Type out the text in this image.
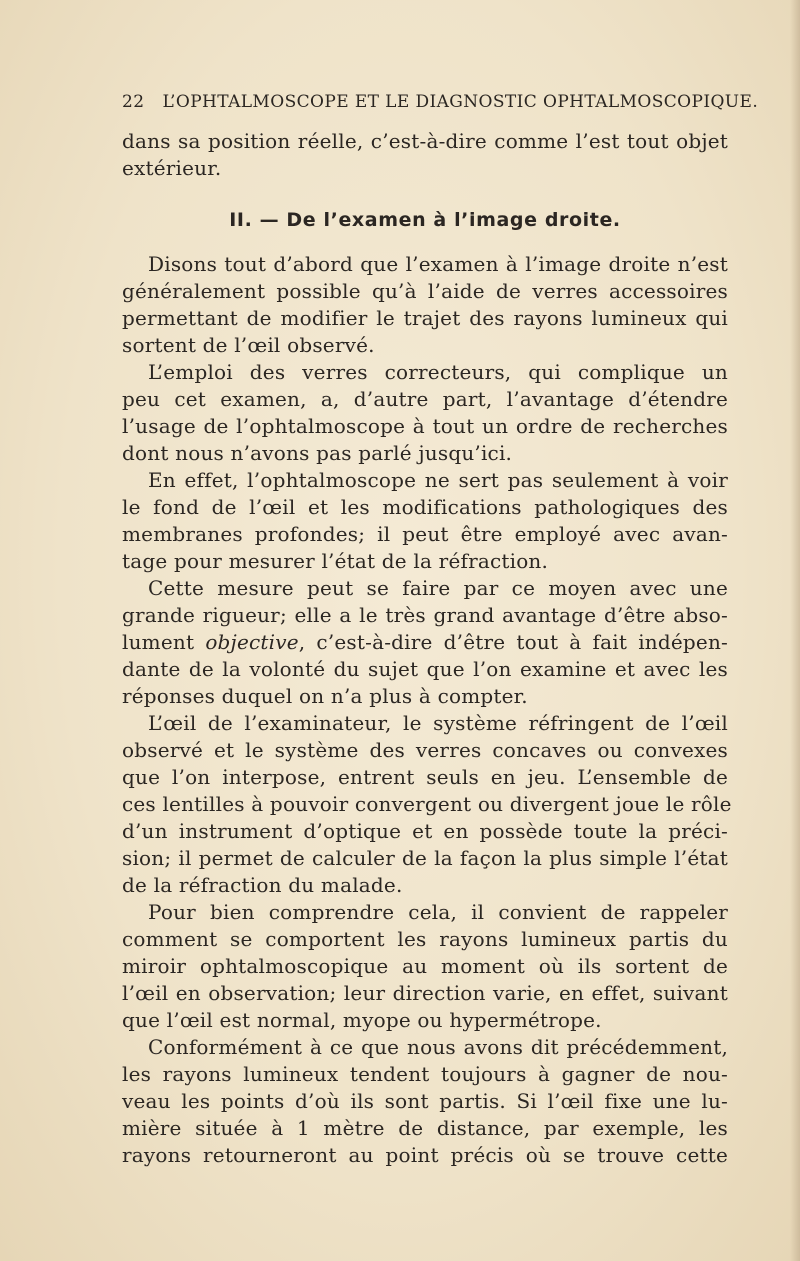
22 L’OPHTALMOSCOPE ET LE DIAGNOSTIC OPHTALMOSCOPIQUE.
dans sa position réelle, c’est-à-dire comme l’est tout objet
extérieur.
II. — De l’examen à l’image droite.
Disons tout d’abord que l’examen à l’image droite n’est
généralement possible qu’à l’aide de verres accessoires
permettant de modifier le trajet des rayons lumineux qui
sortent de l’œil observé.
L’emploi des verres correcteurs, qui complique un
peu cet examen, a, d’autre part, l’avantage d’étendre
l’usage de l’ophtalmoscope à tout un ordre de recherches
dont nous n’avons pas parlé jusqu’ici.
En effet, l’ophtalmoscope ne sert pas seulement à voir
le fond de l’œil et les modifications pathologiques des
membranes profondes; il peut être employé avec avan-
tage pour mesurer l’état de la réfraction.
Cette mesure peut se faire par ce moyen avec une
grande rigueur; elle a le très grand avantage d’être abso-
lument objective, c’est-à-dire d’être tout à fait indépen-
dante de la volonté du sujet que l’on examine et avec les
réponses duquel on n’a plus à compter.
L’œil de l’examinateur, le système réfringent de l’œil
observé et le système des verres concaves ou convexes
que l’on interpose, entrent seuls en jeu. L’ensemble de
ces lentilles à pouvoir convergent ou divergent joue le rôle
d’un instrument d’optique et en possède toute la préci-
sion; il permet de calculer de la façon la plus simple l’état
de la réfraction du malade.
Pour bien comprendre cela, il convient de rappeler
comment se comportent les rayons lumineux partis du
miroir ophtalmoscopique au moment où ils sortent de
l’œil en observation; leur direction varie, en effet, suivant
que l’œil est normal, myope ou hypermétrope.
Conformément à ce que nous avons dit précédemment,
les rayons lumineux tendent toujours à gagner de nou-
veau les points d’où ils sont partis. Si l’œil fixe une lu-
mière située à 1 mètre de distance, par exemple, les
rayons retourneront au point précis où se trouve cette
